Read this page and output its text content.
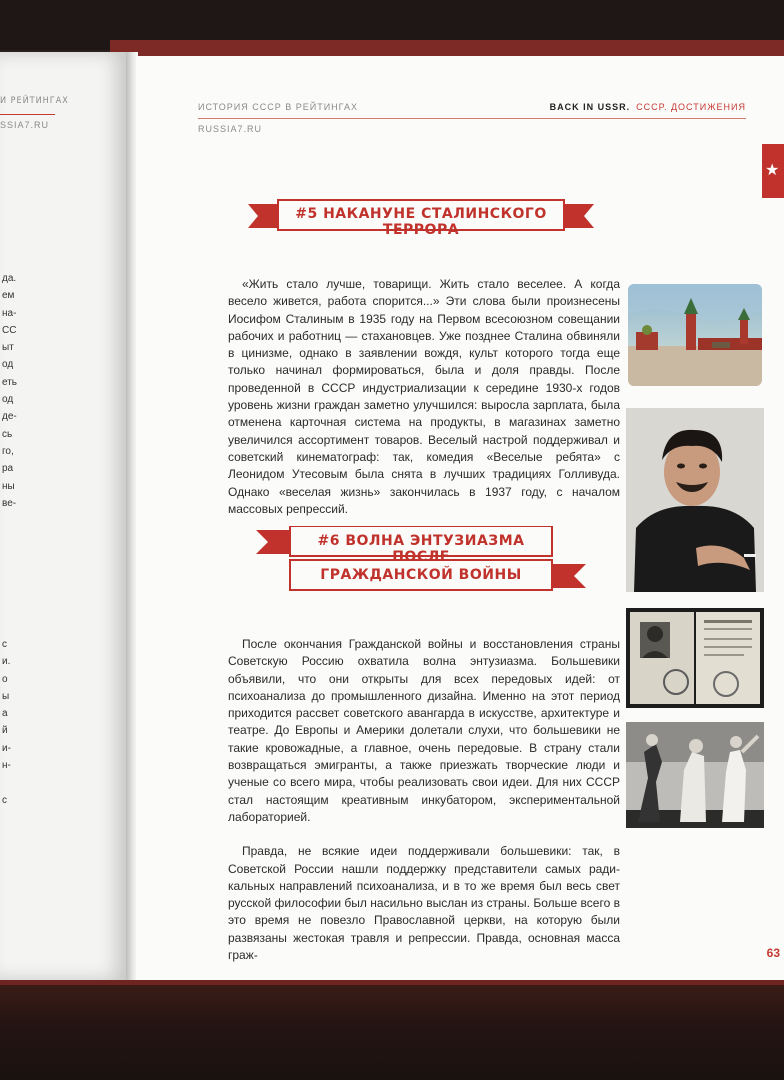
И РЕЙТИНГАХ
SSIA7.RU
да.
ем
на-
СС
ыт
од
еть
од
де-
сь
го,
ра
ны
ве-
с
и.
о
ы
а
й
и-
н-
с
ИСТОРИЯ СССР В РЕЙТИНГАХ	BACK IN USSR. СССР. ДОСТИЖЕНИЯ
RUSSIA7.RU
★
#5 НАКАНУНЕ СТАЛИНСКОГО ТЕРРОРА

«Жить стало лучше, товарищи. Жить стало веселее. А когда весело живется, работа спорится...» Эти слова были произнесены Иосифом Сталиным в 1935 году на Первом всесоюзном совещании рабочих и работниц — стахановцев. Уже позднее Сталина обвиняли в цинизме, однако в заявлении вождя, культ которого тогда еще только начинал формироваться, была и доля правды. После проведенной в СССР индустриализации к середине 1930-х годов уровень жизни граждан заметно улучшился: выросла зарплата, была отменена карточная система на продукты, в магазинах заметно увеличился ассортимент товаров. Веселый настрой поддерживал и советский кинематограф: так, комедия «Веселые ребята» с Леонидом Утесовым была снята в лучших традициях Голливуда. Однако «веселая жизнь» закончилась в 1937 году, с началом массовых репрессий.

#6 ВОЛНА ЭНТУЗИАЗМА ПОСЛЕ
ГРАЖДАНСКОЙ ВОЙНЫ

После окончания Гражданской войны и восстановления страны Советскую Россию охватила волна энтузиазма. Большевики объявили, что они открыты для всех передовых идей: от психоанализа до промышленного дизайна. Именно на этот период приходится рассвет советского авангарда в искусстве, архитектуре и театре. До Европы и Америки долетали слухи, что большевики не такие кровожадные, а главное, очень передовые. В страну стали возвращаться эмигранты, а также приезжать творческие люди и ученые со всего мира, чтобы реализовать свои идеи. Для них СССР стал настоящим креативным инкубатором, экспериментальной лабораторией.

Правда, не всякие идеи поддерживали большевики: так, в Советской России нашли поддержку представители самых ради-кальных направлений психоанализа, и в то же время был весь свет русской философии был насильно выслан из страны. Больше всего в это время не повезло Православной церкви, на которую были развязаны жестокая травля и репрессии. Правда, основная масса граж-	63
